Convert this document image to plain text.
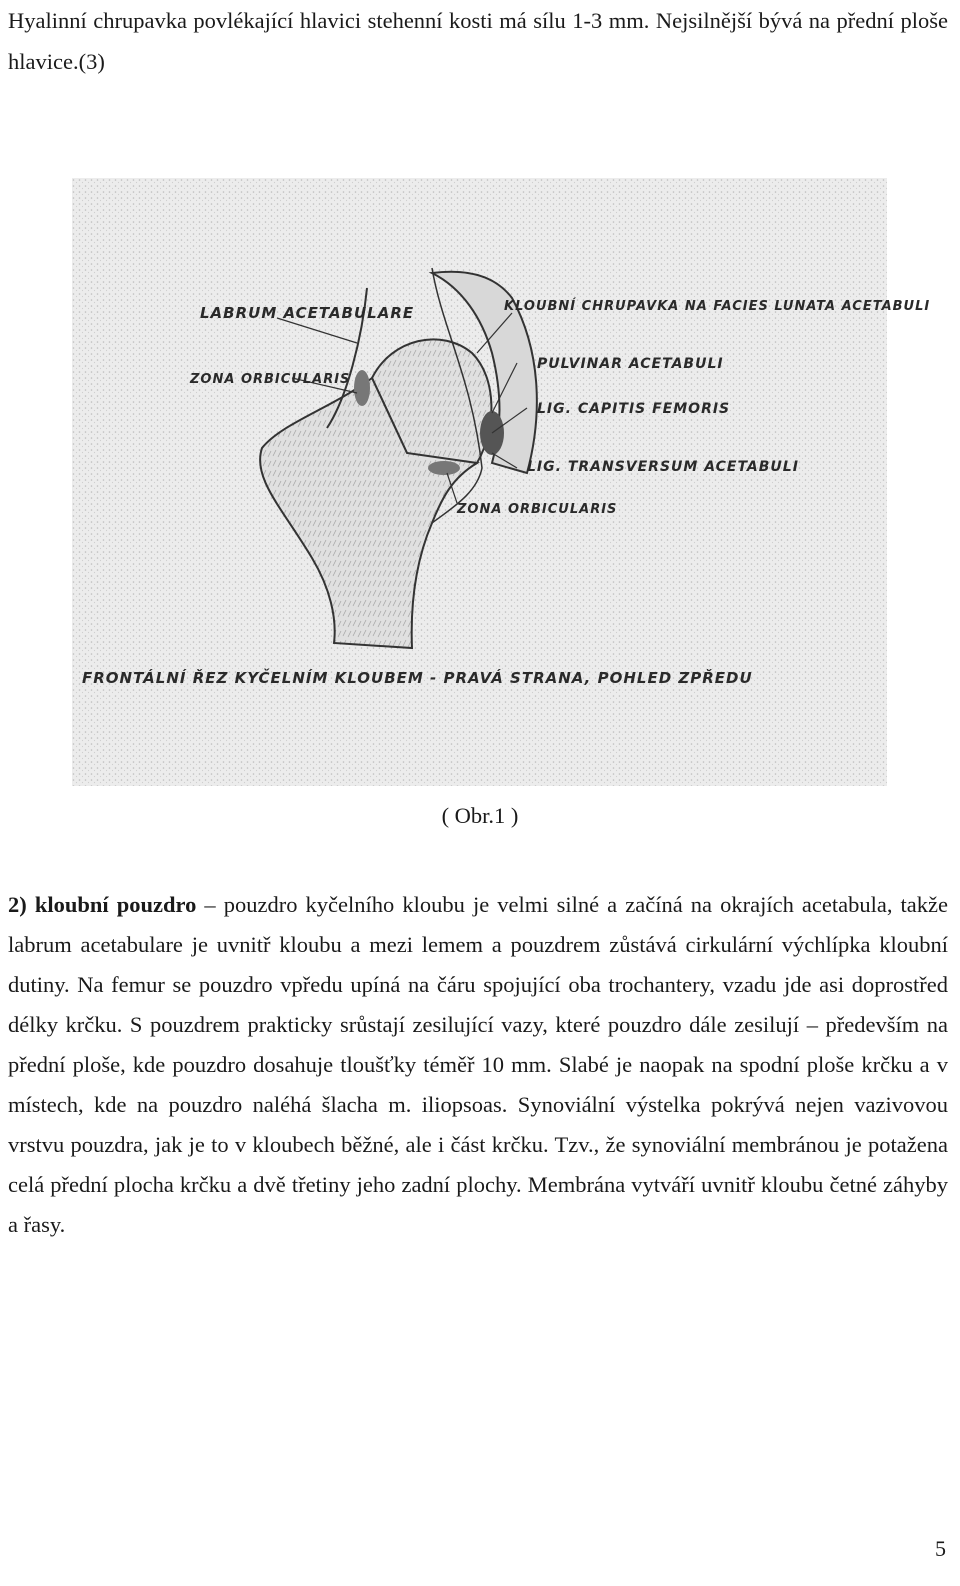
Hyalinní chrupavka povlékající hlavici stehenní kosti má sílu 1-3 mm. Nejsilnější bývá na přední ploše hlavice.(3)

LABRUM ACETABULARE
ZONA ORBICULARIS
KLOUBNÍ CHRUPAVKA NA FACIES LUNATA ACETABULI
PULVINAR ACETABULI
LIG. CAPITIS FEMORIS
LIG. TRANSVERSUM ACETABULI
ZONA ORBICULARIS
FRONTÁLNÍ ŘEZ KYČELNÍM KLOUBEM - PRAVÁ STRANA, POHLED ZPŘEDU
( Obr.1 )

2) kloubní pouzdro – pouzdro kyčelního kloubu je velmi silné a začíná na okrajích acetabula, takže labrum acetabulare je uvnitř kloubu a mezi lemem a pouzdrem zůstává cirkulární výchlípka kloubní dutiny. Na femur se pouzdro vpředu upíná na čáru spojující oba trochantery, vzadu jde asi doprostřed délky krčku. S pouzdrem prakticky srůstají zesilující vazy, které pouzdro dále zesilují – především na přední ploše, kde pouzdro dosahuje tloušťky téměř 10 mm. Slabé je naopak na spodní ploše krčku a v místech, kde na pouzdro naléhá šlacha m. iliopsoas. Synoviální výstelka pokrývá nejen vazivovou vrstvu pouzdra, jak je to v kloubech běžné, ale i část krčku. Tzv., že synoviální membránou je potažena celá přední plocha krčku a dvě třetiny jeho zadní plochy. Membrána vytváří uvnitř kloubu četné záhyby a řasy.

5
